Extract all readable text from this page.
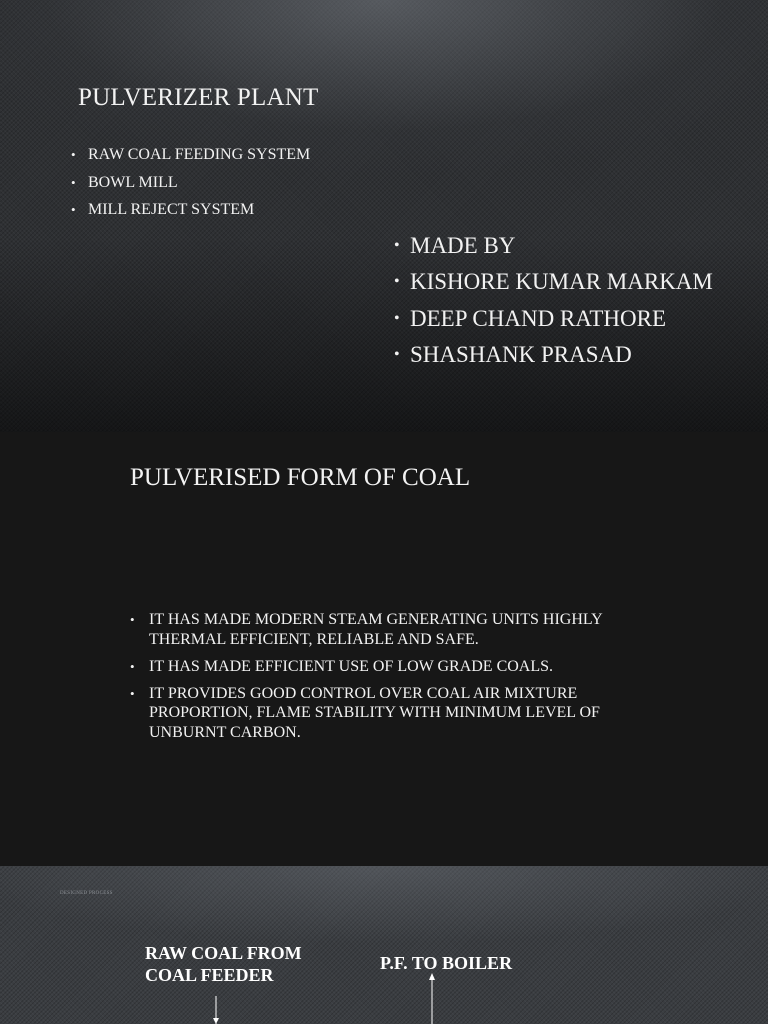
PULVERIZER PLANT
• RAW COAL FEEDING SYSTEM
• BOWL MILL
• MILL REJECT SYSTEM
• MADE BY
• KISHORE KUMAR MARKAM
• DEEP CHAND RATHORE
• SHASHANK PRASAD
PULVERISED FORM OF COAL
• IT HAS MADE MODERN STEAM GENERATING UNITS HIGHLY THERMAL EFFICIENT, RELIABLE AND SAFE.
• IT HAS MADE EFFICIENT USE OF LOW GRADE COALS.
• IT PROVIDES GOOD CONTROL OVER COAL AIR MIXTURE PROPORTION, FLAME STABILITY WITH MINIMUM LEVEL OF UNBURNT CARBON.
DESIGNED PROCESS
RAW COAL FROM
COAL FEEDER
P.F. TO BOILER
